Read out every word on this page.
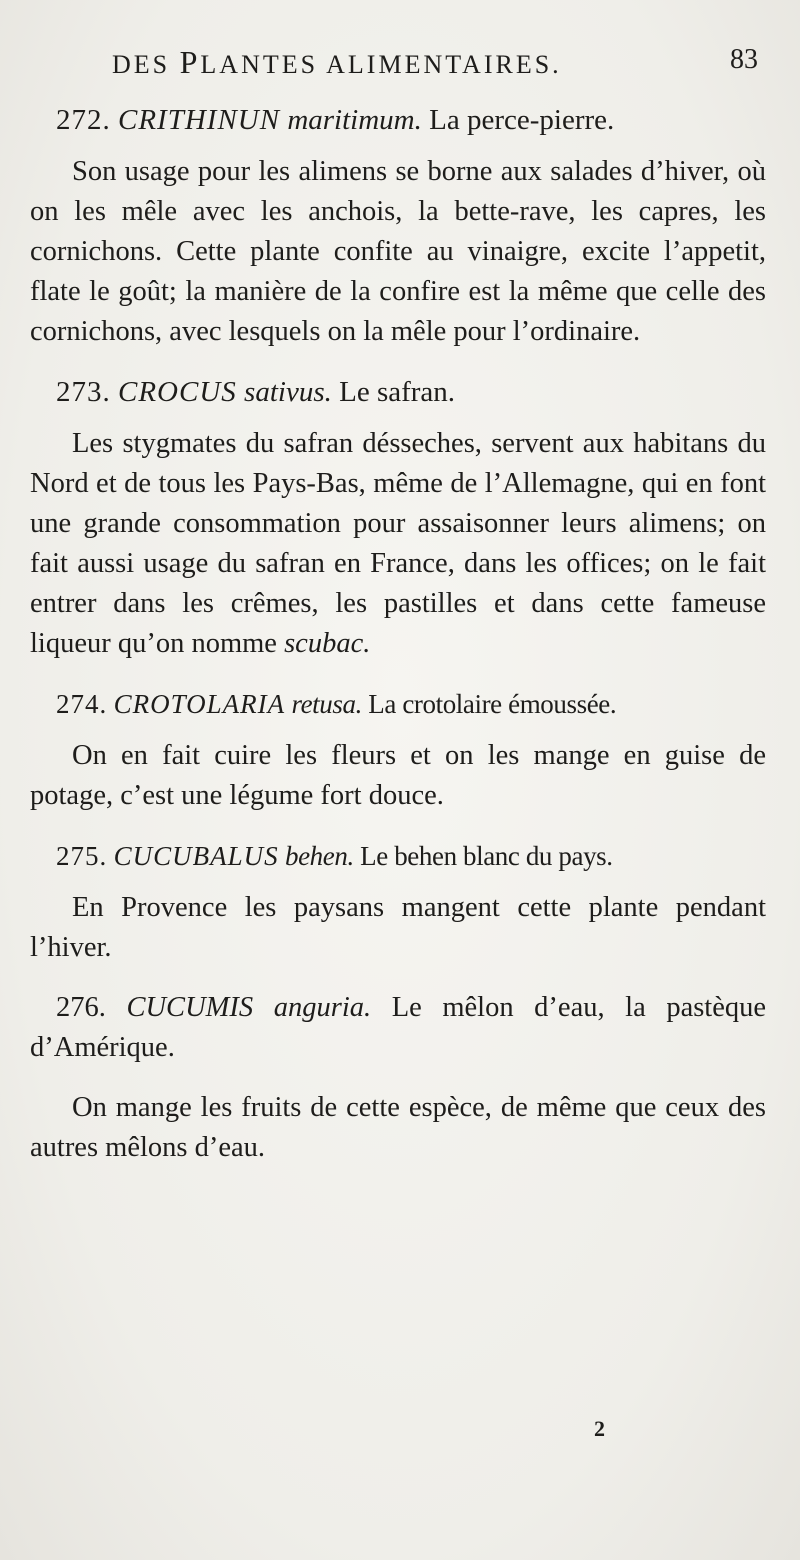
DES PLANTES ALIMENTAIRES.	83
272. CRITHINUN maritimum. La perce-pierre.

Son usage pour les alimens se borne aux salades d’hiver, où on les mêle avec les anchois, la bette-rave, les capres, les cornichons. Cette plante confite au vinaigre, excite l’appetit, flate le goût; la manière de la confire est la même que celle des cornichons, avec lesquels on la mêle pour l’ordinaire.

273. CROCUS sativus. Le safran.

Les stygmates du safran désseches, servent aux habitans du Nord et de tous les Pays-Bas, même de l’Allemagne, qui en font une grande consommation pour assaisonner leurs alimens; on fait aussi usage du safran en France, dans les offices; on le fait entrer dans les crêmes, les pastilles et dans cette fameuse liqueur qu’on nomme scubac.

274. CROTOLARIA retusa. La crotolaire émoussée.

On en fait cuire les fleurs et on les mange en guise de potage, c’est une légume fort douce.

275. CUCUBALUS behen. Le behen blanc du pays.

En Provence les paysans mangent cette plante pendant l’hiver.

276. CUCUMIS anguria. Le mêlon d’eau, la pastèque d’Amérique.

On mange les fruits de cette espèce, de même que ceux des autres mêlons d’eau.

2
